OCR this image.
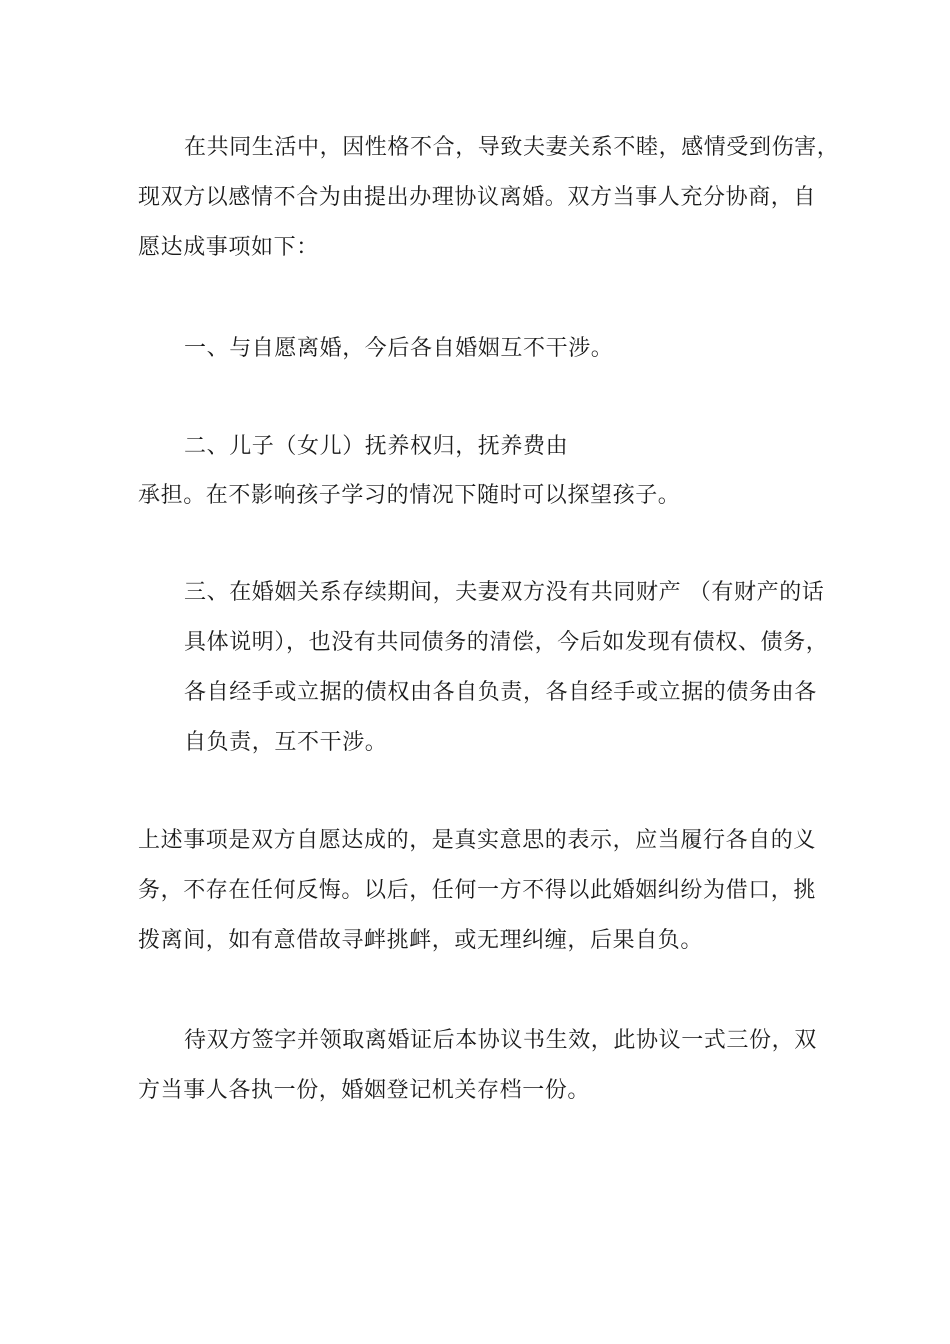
在共同生活中，因性格不合，导致夫妻关系不睦，感情受到伤害，
现双方以感情不合为由提出办理协议离婚。双方当事人充分协商，自
愿达成事项如下：
一、与自愿离婚，今后各自婚姻互不干涉。
二、儿子（女儿）抚养权归，抚养费由
承担。在不影响孩子学习的情况下随时可以探望孩子。
三、在婚姻关系存续期间，夫妻双方没有共同财产 （有财产的话
具体说明），也没有共同债务的清偿，今后如发现有债权、债务，
各自经手或立据的债权由各自负责，各自经手或立据的债务由各
自负责，互不干涉。
上述事项是双方自愿达成的，是真实意思的表示，应当履行各自的义
务，不存在任何反悔。以后，任何一方不得以此婚姻纠纷为借口，挑
拨离间，如有意借故寻衅挑衅，或无理纠缠，后果自负。
待双方签字并领取离婚证后本协议书生效，此协议一式三份，双
方当事人各执一份，婚姻登记机关存档一份。
